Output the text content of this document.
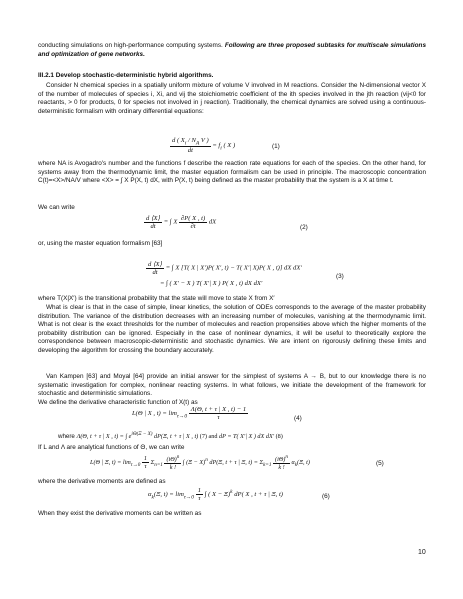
conducting simulations on high-performance computing systems. Following are three proposed subtasks for multiscale simulations and optimization of gene networks.
III.2.1 Develop stochastic-deterministic hybrid algorithms.
Consider N chemical species in a spatially uniform mixture of volume V involved in M reactions. Consider the N-dimensional vector X of the number of molecules of species i, Xi, and vij the stoichiometric coefficient of the ith species involved in the jth reaction (vij<0 for reactants, > 0 for products, 0 for species not involved in j reaction). Traditionally, the chemical dynamics are solved using a continuous-deterministic formalism with ordinary differential equations:
$\frac{d ( X_i / N_A V )}{dt} = f_i$ ( X )	(1)
where NA is Avogadro's number and the functions f describe the reaction rate equations for each of the species. On the other hand, for systems away from the thermodynamic limit, the master equation formalism can be used in principle. The macroscopic concentration C(t)=<X>/NA/V where <X> = ∫ X P(X, t) dX, with P(X, t) being defined as the master probability that the system is a X at time t.
We can write
$\frac{d ⟨X⟩}{dt}$ = ∫ X $\frac{\partial P( X , t)}{\partial t}$ dX
(2)
or, using the master equation formalism [63]
$\frac{d ⟨X⟩}{dt}$ = ∫ X [T( X | X′)P( X′, t) − T( X′| X)P( X , t)] dX dX′
= ∫ ( X′ − X ) T( X′| X ) P( X , t) dX dX′
(3)
where T(X|X′) is the transitional probability that the state will move to state X from X′
What is clear is that in the case of simple, linear kinetics, the solution of ODEs corresponds to the average of the master probability distribution. The variance of the distribution decreases with an increasing number of molecules, vanishing at the thermodynamic limit. What is not clear is the exact thresholds for the number of molecules and reaction propensities above which the higher moments of the probability distribution can be ignored. Especially in the case of nonlinear dynamics, it will be useful to theoretically explore the correspondence between macroscopic-deterministic and stochastic dynamics. We are intent on rigorously defining these limits and developing the algorithm for crossing the boundary accurately.
Van Kampen [63] and Moyal [64] provide an initial answer for the simplest of systems A → B, but to our knowledge there is no systematic investigation for complex, nonlinear reacting systems. In what follows, we initiate the development of the framework for stochastic and deterministic simulations.
We define the derivative characteristic function of X(t) as
L(Θ | X , $t) = \lim_{\tau\to 0} \frac{\Lambda(\Theta, t + \tau | X , t) - 1}{\tau}$	(4)
where Λ(Θ, t + τ | X , t) = ∫ $e^{i\Theta(\Xi - X)}$ dP(Ξ, t + τ | X , t) (7) and dP = T( X′| X ) dX dX′ (8)
If L and Λ are analytical functions of Θ, we can write
L(Θ | Ξ, $t) = \lim_{\tau\to 0} \frac{1}{\tau} \Sigma_{n=1} \frac{(i\Theta)^n}{k !}$ ∫ $(\Xi - X)^n$ dP(Ξ, t + τ | Ξ, $t) = \Sigma_{k=1} \frac{(i\Theta)^n}{k !} \alpha_k(\Xi$, t)	(5)
where the derivative moments are defined as
$\alpha_k(\Xi$, $t) = \lim_{\tau\to 0} \frac{1}{\tau}$ ∫ ( X − Ξ)$^k$ dP( X , t + τ | Ξ, t)	(6)
When they exist the derivative moments can be written as
10
